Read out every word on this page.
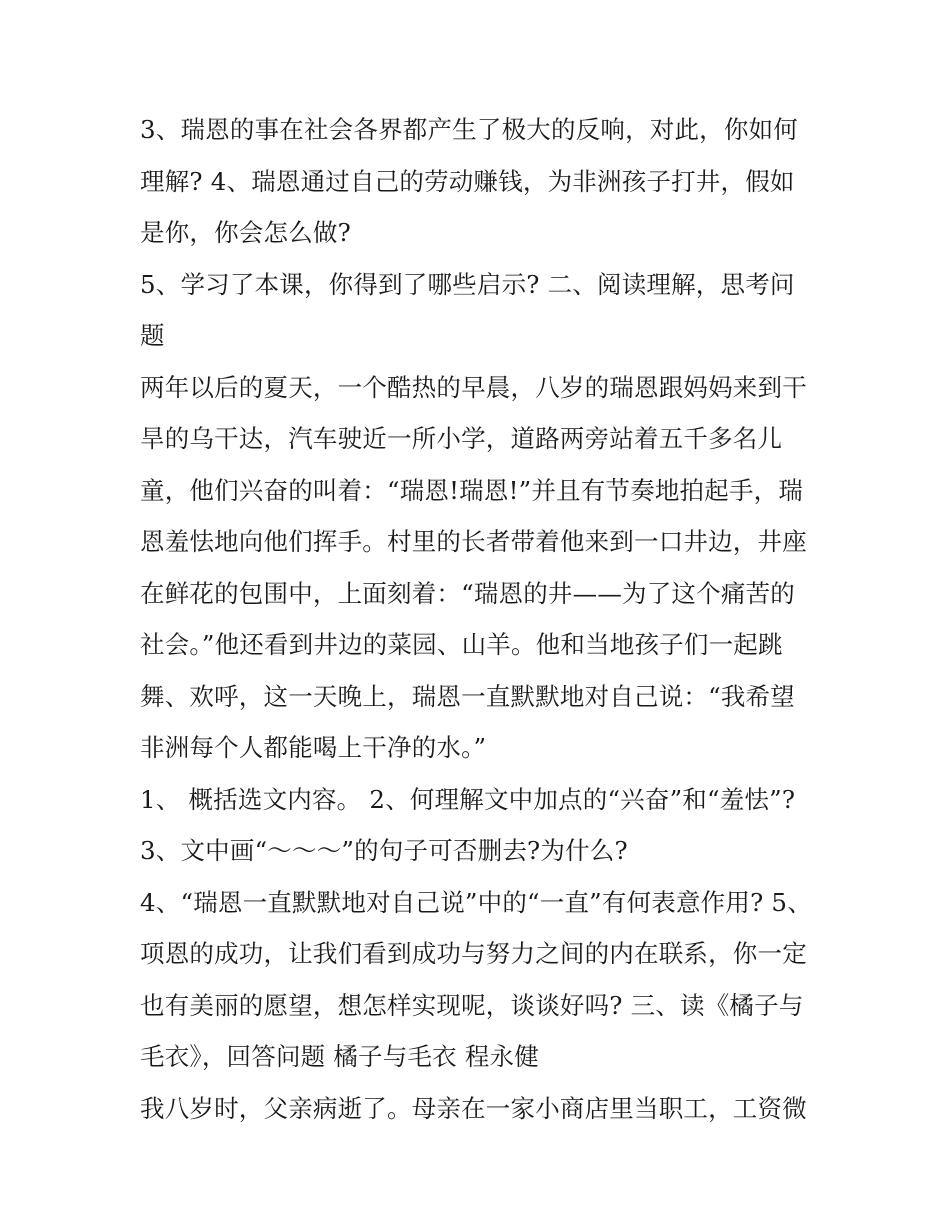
3、瑞恩的事在社会各界都产生了极大的反响，对此，你如何
理解? 4、瑞恩通过自己的劳动赚钱，为非洲孩子打井，假如
是你，你会怎么做?
5、学习了本课，你得到了哪些启示? 二、阅读理解，思考问
题
两年以后的夏天，一个酷热的早晨，八岁的瑞恩跟妈妈来到干
旱的乌干达，汽车驶近一所小学，道路两旁站着五千多名儿
童，他们兴奋的叫着：“瑞恩!瑞恩!”并且有节奏地拍起手，瑞
恩羞怯地向他们挥手。村里的长者带着他来到一口井边，井座
在鲜花的包围中，上面刻着：“瑞恩的井——为了这个痛苦的
社会。”他还看到井边的菜园、山羊。他和当地孩子们一起跳
舞、欢呼，这一天晚上，瑞恩一直默默地对自己说：“我希望
非洲每个人都能喝上干净的水。”
1、 概括选文内容。 2、何理解文中加点的“兴奋”和“羞怯”?
3、文中画“～～～”的句子可否删去?为什么?
4、“瑞恩一直默默地对自己说”中的“一直”有何表意作用? 5、
项恩的成功，让我们看到成功与努力之间的内在联系，你一定
也有美丽的愿望，想怎样实现呢，谈谈好吗? 三、读《橘子与
毛衣》，回答问题 橘子与毛衣 程永健
我八岁时，父亲病逝了。母亲在一家小商店里当职工，工资微
